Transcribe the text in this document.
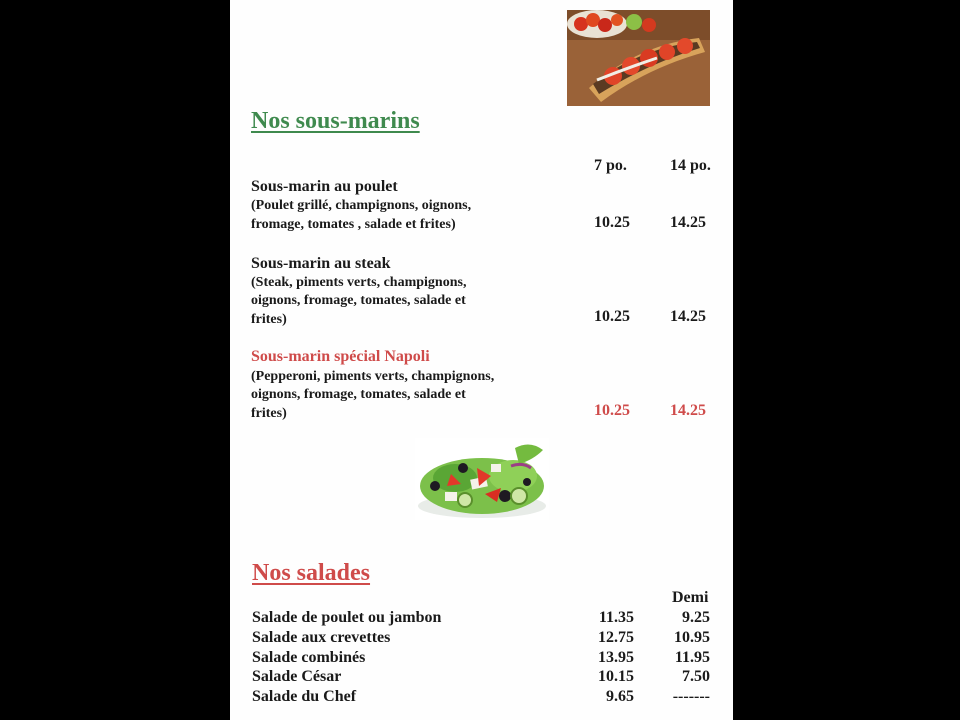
Nos sous-marins
7 po.	14 po.
Sous-marin au poulet
(Poulet grillé, champignons, oignons,
fromage, tomates , salade et frites)	10.25	14.25
Sous-marin au steak
(Steak, piments verts, champignons,
oignons, fromage, tomates, salade et
frites)	10.25	14.25
Sous-marin spécial Napoli
(Pepperoni, piments verts, champignons,
oignons, fromage, tomates, salade et
frites)	10.25	14.25
Nos salades
Demi
Salade de poulet ou jambon	11.35	9.25
Salade aux crevettes	12.75	10.95
Salade combinés	13.95	11.95
Salade César	10.15	7.50
Salade du Chef	9.65	-------
